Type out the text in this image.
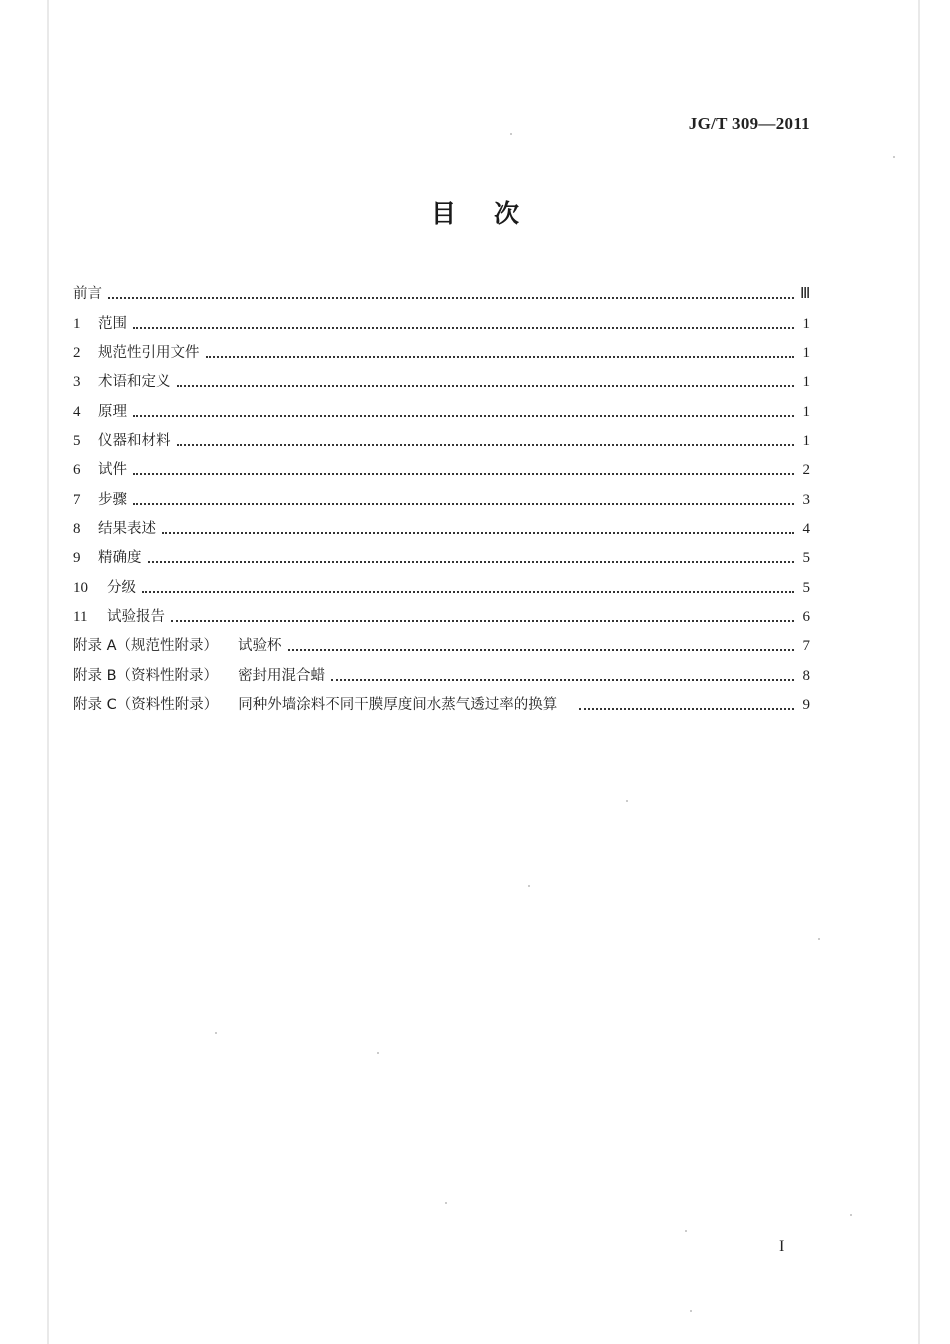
JG/T 309—2011
目 次
前言	Ⅲ
1	范围	1
2	规范性引用文件	1
3	术语和定义	1
4	原理	1
5	仪器和材料	1
6	试件	2
7	步骤	3
8	结果表述	4
9	精确度	5
10	分级	5
11	试验报告	6
附录 A（规范性附录） 试验杯	7
附录 B（资料性附录） 密封用混合蜡	8
附录 C（资料性附录） 同种外墙涂料不同干膜厚度间水蒸气透过率的换算	9
I
